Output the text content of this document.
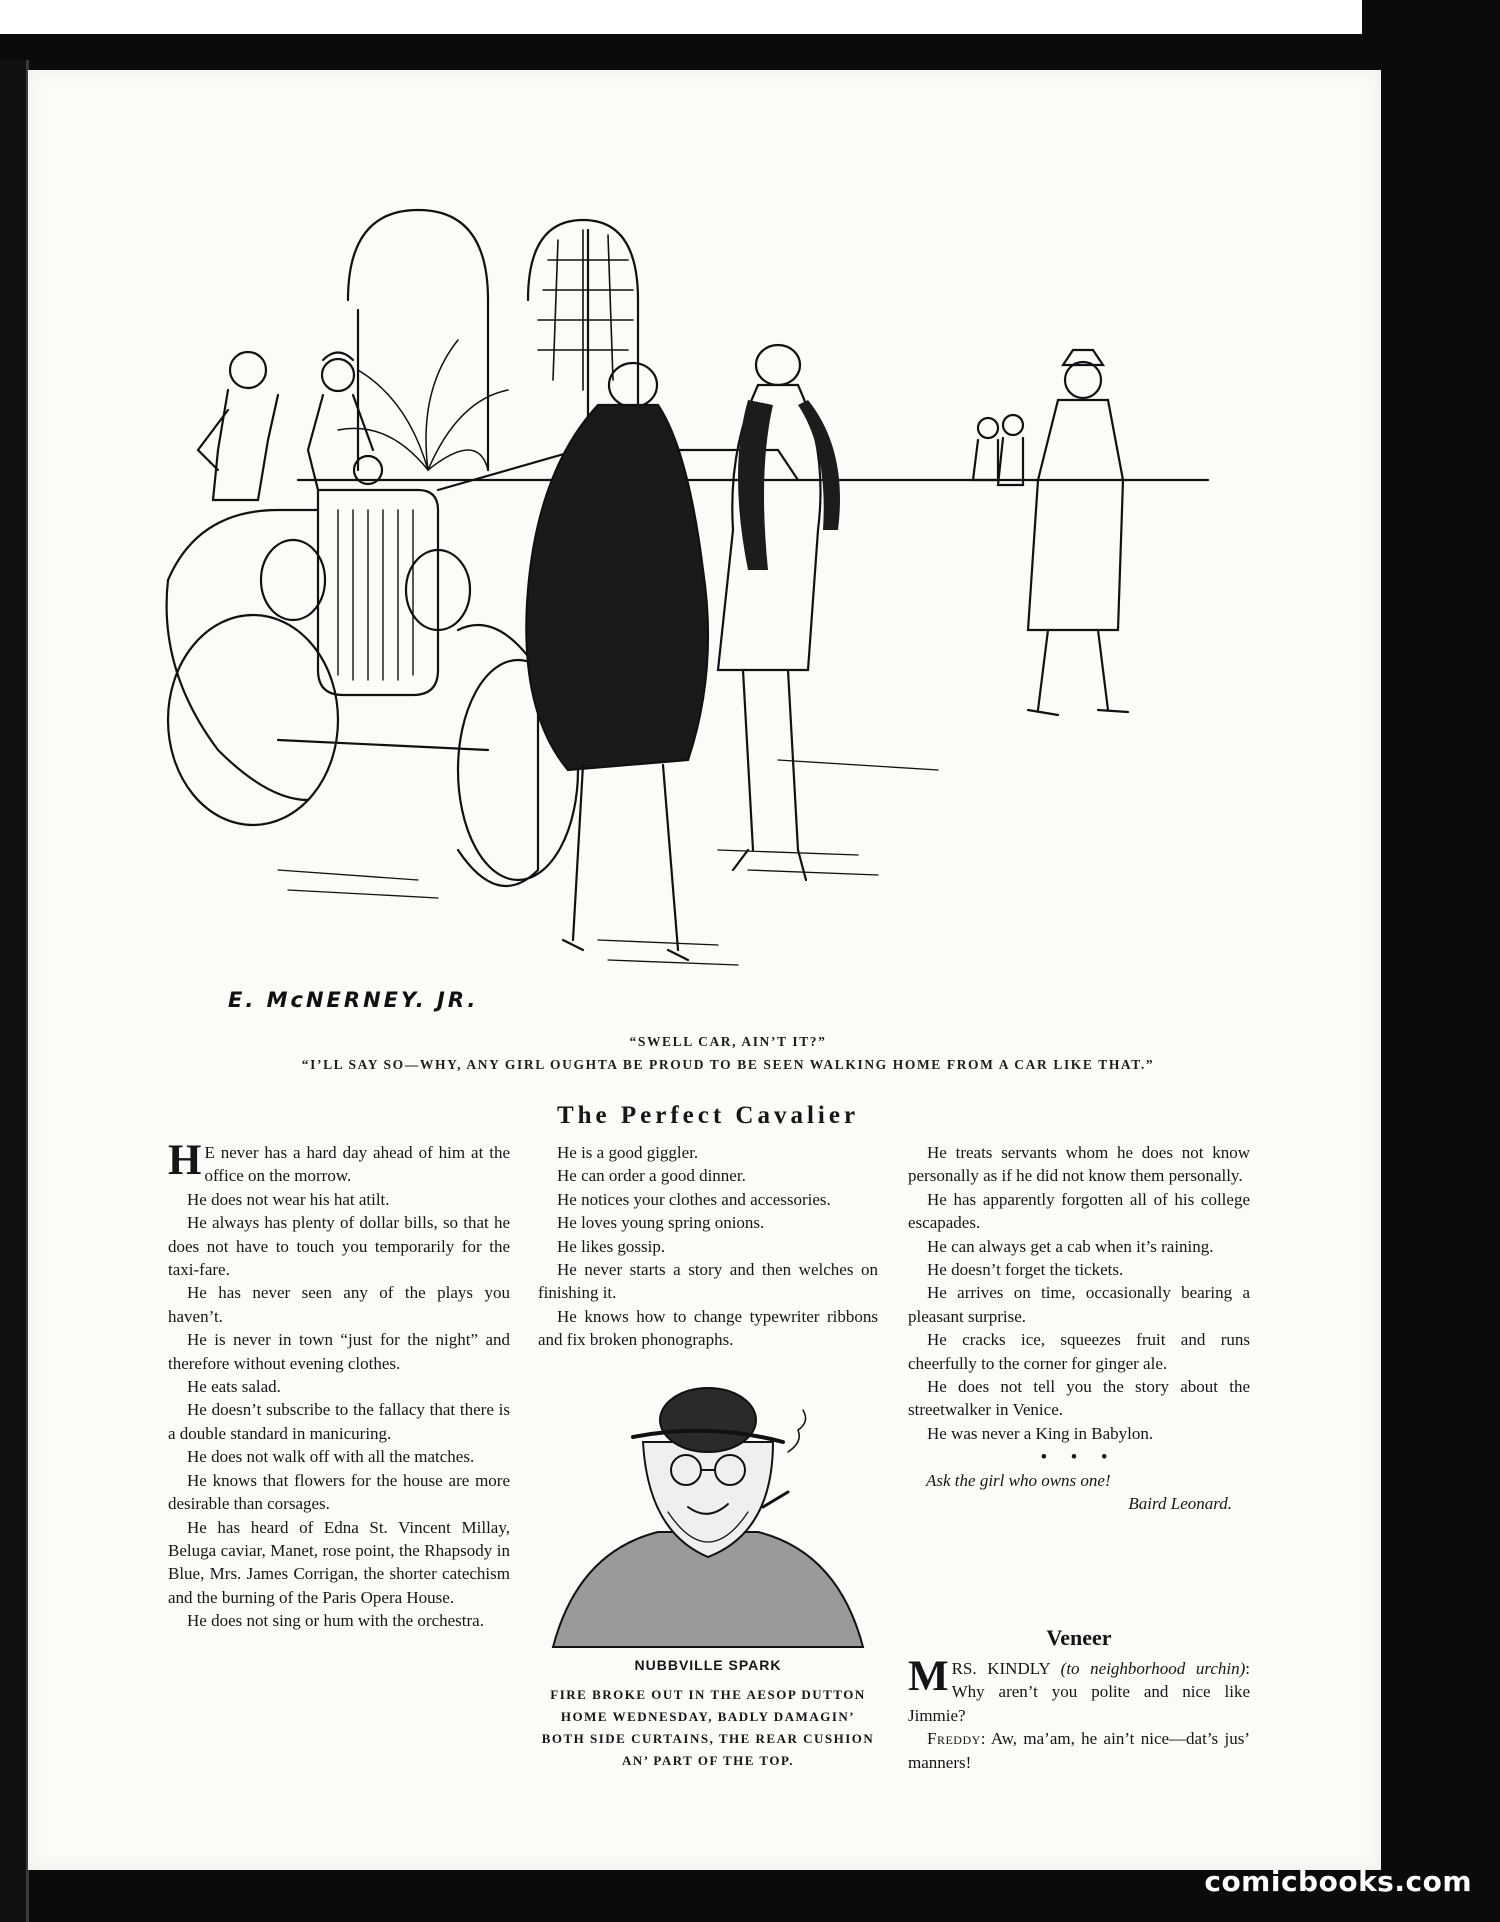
E. McNERNEY. JR.
“SWELL CAR, AIN’T IT?”
“I’LL SAY SO—WHY, ANY GIRL OUGHTA BE PROUD TO BE SEEN WALKING HOME FROM A CAR LIKE THAT.”
The Perfect Cavalier

H E never has a hard day ahead of him at the office on the morrow.

He does not wear his hat atilt.

He always has plenty of dollar bills, so that he does not have to touch you temporarily for the taxi-fare.

He has never seen any of the plays you haven’t.

He is never in town “just for the night” and therefore without evening clothes.

He eats salad.

He doesn’t subscribe to the fallacy that there is a double standard in manicuring.

He does not walk off with all the matches.

He knows that flowers for the house are more desirable than corsages.

He has heard of Edna St. Vincent Millay, Beluga caviar, Manet, rose point, the Rhapsody in Blue, Mrs. James Corrigan, the shorter catechism and the burning of the Paris Opera House.

He does not sing or hum with the orchestra.

He is a good giggler.

He can order a good dinner.

He notices your clothes and accessories.

He loves young spring onions.

He likes gossip.

He never starts a story and then welches on finishing it.

He knows how to change typewriter ribbons and fix broken phonographs.

NUBBVILLE SPARK
FIRE BROKE OUT IN THE AESOP DUTTON HOME WEDNESDAY, BADLY DAMAGIN’ BOTH SIDE CURTAINS, THE REAR CUSHION AN’ PART OF THE TOP.

He treats servants whom he does not know personally as if he did not know them personally.

He has apparently forgotten all of his college escapades.

He can always get a cab when it’s raining.

He doesn’t forget the tickets.

He arrives on time, occasionally bearing a pleasant surprise.

He cracks ice, squeezes fruit and runs cheerfully to the corner for ginger ale.

He does not tell you the story about the streetwalker in Venice.

He was never a King in Babylon.

• • •

Ask the girl who owns one!

Baird Leonard.

Veneer

MRS. KINDLY (to neighborhood urchin): Why aren’t you polite and nice like Jimmie?

Freddy: Aw, ma’am, he ain’t nice—dat’s jus’ manners!

comicbooks.com
